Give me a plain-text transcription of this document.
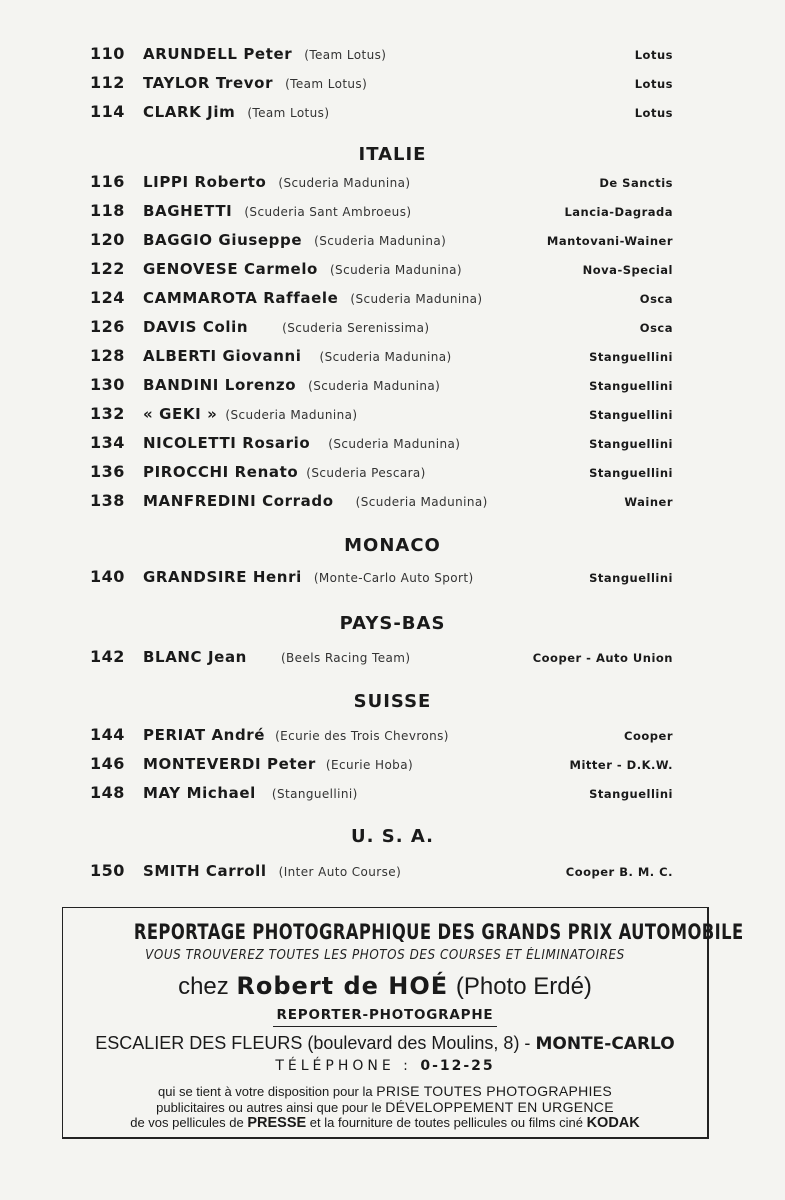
110	ARUNDELL Peter (Team Lotus)	Lotus
112	TAYLOR Trevor (Team Lotus)	Lotus
114	CLARK Jim (Team Lotus)	Lotus
ITALIE
116	LIPPI Roberto (Scuderia Madunina)	De Sanctis
118	BAGHETTI (Scuderia Sant Ambroeus)	Lancia-Dagrada
120	BAGGIO Giuseppe (Scuderia Madunina)	Mantovani-Wainer
122	GENOVESE Carmelo (Scuderia Madunina)	Nova-Special
124	CAMMAROTA Raffaele (Scuderia Madunina)	Osca
126	DAVIS Colin	(Scuderia Serenissima)	Osca
128	ALBERTI Giovanni (Scuderia Madunina)	Stanguellini
130	BANDINI Lorenzo (Scuderia Madunina)	Stanguellini
132	« GEKI » (Scuderia Madunina)	Stanguellini
134	NICOLETTI Rosario (Scuderia Madunina)	Stanguellini
136	PIROCCHI Renato (Scuderia Pescara)	Stanguellini
138	MANFREDINI Corrado (Scuderia Madunina)	Wainer
MONACO
140	GRANDSIRE Henri (Monte-Carlo Auto Sport)	Stanguellini
PAYS-BAS
142	BLANC Jean	(Beels Racing Team)	Cooper - Auto Union
SUISSE
144	PERIAT André (Ecurie des Trois Chevrons)	Cooper
146	MONTEVERDI Peter (Ecurie Hoba)	Mitter - D.K.W.
148	MAY Michael (Stanguellini)	Stanguellini
U. S. A.
150	SMITH Carroll (Inter Auto Course)	Cooper B. M. C.
REPORTAGE PHOTOGRAPHIQUE DES GRANDS PRIX AUTOMOBILE
VOUS TROUVEREZ TOUTES LES PHOTOS DES COURSES ET ÉLIMINATOIRES
chez Robert de HOÉ (Photo Erdé)
REPORTER-PHOTOGRAPHE
ESCALIER DES FLEURS (boulevard des Moulins, 8) - MONTE-CARLO
TÉLÉPHONE : 0-12-25
qui se tient à votre disposition pour la PRISE TOUTES PHOTOGRAPHIES
publicitaires ou autres ainsi que pour le DÉVELOPPEMENT EN URGENCE
de vos pellicules de PRESSE et la fourniture de toutes pellicules ou films ciné KODAK
